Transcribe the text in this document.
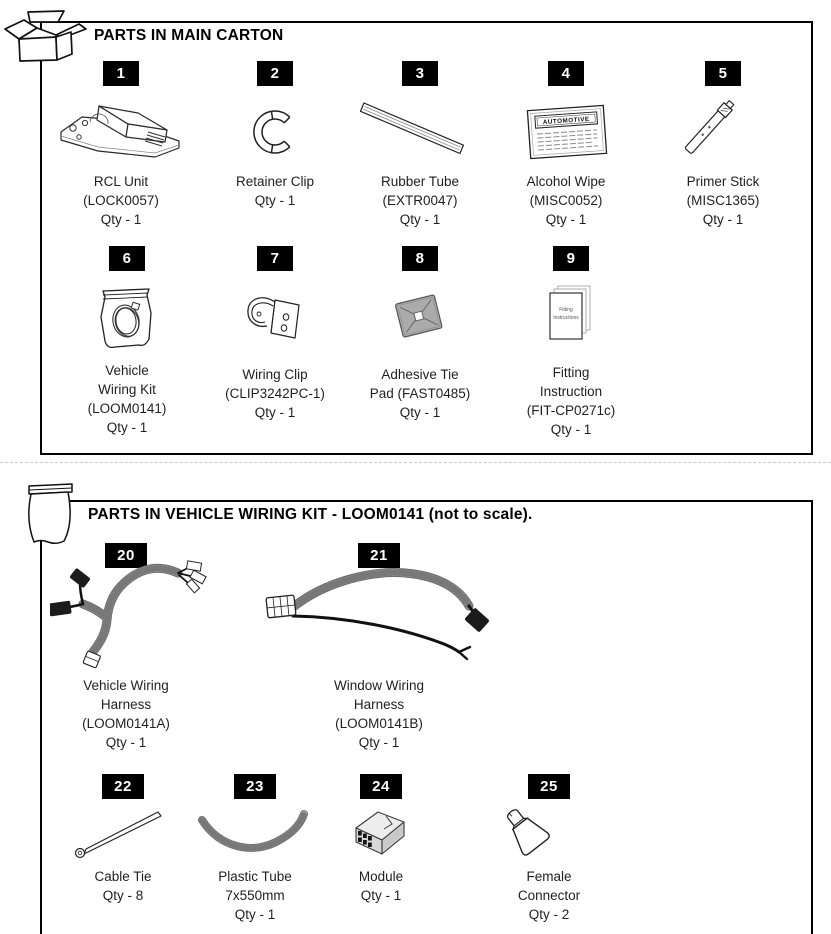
PARTS IN MAIN CARTON
1
RCL Unit
(LOCK0057)
Qty - 1
2
Retainer Clip
Qty - 1
3
Rubber Tube
(EXTR0047)
Qty - 1
4
AUTOMOTIVE
Alcohol Wipe
(MISC0052)
Qty - 1
5
Primer Stick
(MISC1365)
Qty - 1
6
Vehicle
Wiring Kit
(LOOM0141)
Qty - 1
7
Wiring Clip
(CLIP3242PC-1)
Qty - 1
8
Adhesive Tie
Pad (FAST0485)
Qty - 1
9
Fitting
Instructions
Fitting
Instruction
(FIT-CP0271c)
Qty - 1
PARTS IN VEHICLE WIRING KIT - LOOM0141 (not to scale).
20
Vehicle Wiring
Harness
(LOOM0141A)
Qty - 1
21
Window Wiring
Harness
(LOOM0141B)
Qty - 1
22
Cable Tie
Qty - 8
23
Plastic Tube
7x550mm
Qty - 1
24
Module
Qty - 1
25
Female
Connector
Qty - 2
